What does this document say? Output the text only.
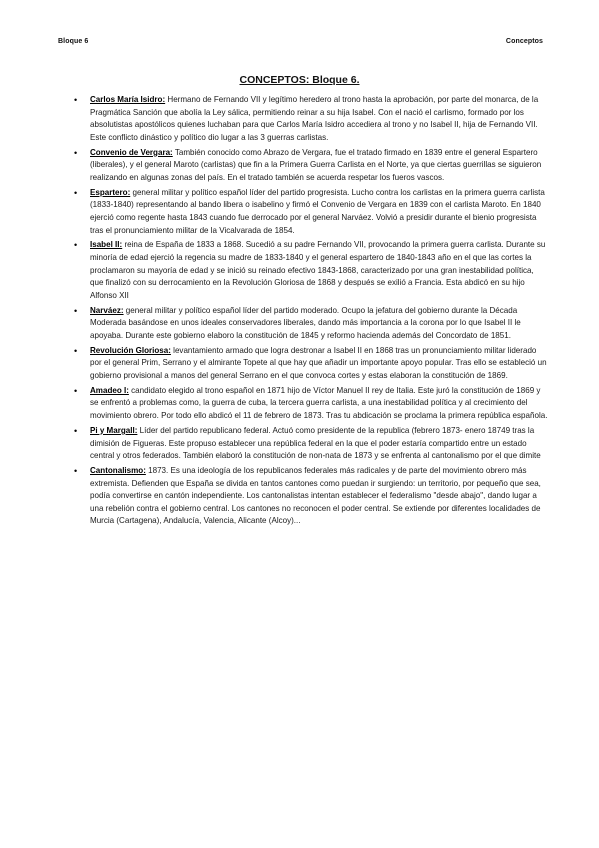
Bloque 6	Conceptos
CONCEPTOS: Bloque 6.
• Carlos María Isidro: Hermano de Fernando VII y legítimo heredero al trono hasta la aprobación, por parte del monarca, de la Pragmática Sanción que abolía la Ley sálica, permitiendo reinar a su hija Isabel. Con el nació el carlismo, formado por los absolutistas apostólicos quienes luchaban para que Carlos María Isidro accediera al trono y no Isabel II, hija de Fernando VII. Este conflicto dinástico y político dio lugar a las 3 guerras carlistas.
• Convenio de Vergara: También conocido como Abrazo de Vergara, fue el tratado firmado en 1839 entre el general Espartero (liberales), y el general Maroto (carlistas) que fin a la Primera Guerra Carlista en el Norte, ya que ciertas guerrillas se siguieron realizando en algunas zonas del país. En el tratado también se acuerda respetar los fueros vascos.
• Espartero: general militar y político español líder del partido progresista. Lucho contra los carlistas en la primera guerra carlista (1833-1840) representando al bando libera o isabelino y firmó el Convenio de Vergara en 1839 con el carlista Maroto. En 1840 ejerció como regente hasta 1843 cuando fue derrocado por el general Narváez. Volvió a presidir durante el bienio progresista tras el pronunciamiento militar de la Vicalvarada de 1854.
• Isabel II: reina de España de 1833 a 1868. Sucedió a su padre Fernando VII, provocando la primera guerra carlista. Durante su minoría de edad ejerció la regencia su madre de 1833-1840 y el general espartero de 1840-1843 año en el que las cortes la proclamaron su mayoría de edad y se inició su reinado efectivo 1843-1868, caracterizado por una gran inestabilidad política, que finalizó con su derrocamiento en la Revolución Gloriosa de 1868 y después se exilió a Francia. Esta abdicó en su hijo Alfonso XII
• Narváez: general militar y político español líder del partido moderado. Ocupo la jefatura del gobierno durante la Década Moderada basándose en unos ideales conservadores liberales, dando más importancia a la corona por lo que Isabel II le apoyaba. Durante este gobierno elaboro la constitución de 1845 y reformo hacienda además del Concordato de 1851.
• Revolución Gloriosa: levantamiento armado que logra destronar a Isabel II en 1868 tras un pronunciamiento militar liderado por el general Prim, Serrano y el almirante Topete al que hay que añadir un importante apoyo popular. Tras ello se estableció un gobierno provisional a manos del general Serrano en el que convoca cortes y estas elaboran la constitución de 1869.
• Amadeo I: candidato elegido al trono español en 1871 hijo de Víctor Manuel II rey de Italia. Este juró la constitución de 1869 y se enfrentó a problemas como, la guerra de cuba, la tercera guerra carlista, a una inestabilidad política y al crecimiento del movimiento obrero. Por todo ello abdicó el 11 de febrero de 1873. Tras tu abdicación se proclama la primera república española.
• Pi y Margall: Líder del partido republicano federal. Actuó como presidente de la republica (febrero 1873- enero 18749 tras la dimisión de Figueras. Este propuso establecer una república federal en la que el poder estaría compartido entre un estado central y otros federados. También elaboró la constitución de non-nata de 1873 y se enfrenta al cantonalismo por el que dimite
• Cantonalismo: 1873. Es una ideología de los republicanos federales más radicales y de parte del movimiento obrero más extremista. Defienden que España se divida en tantos cantones como puedan ir surgiendo: un territorio, por pequeño que sea, podía convertirse en cantón independiente. Los cantonalistas intentan establecer el federalismo "desde abajo", dando lugar a una rebelión contra el gobierno central. Los cantones no reconocen el poder central. Se extiende por diferentes localidades de Murcia (Cartagena), Andalucía, Valencia, Alicante (Alcoy)...
